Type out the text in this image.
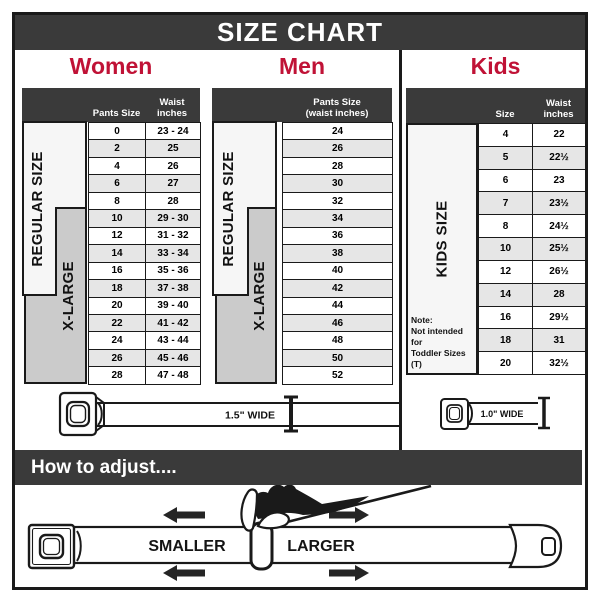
SIZE CHART
Women	Men	Kids
Pants Size
Waist
inches
REGULAR SIZE
X-LARGE
0	23 - 24
2	25
4	26
6	27
8	28
10	29 - 30
12	31 - 32
14	33 - 34
16	35 - 36
18	37 - 38
20	39 - 40
22	41 - 42
24	43 - 44
26	45 - 46
28	47 - 48
Pants Size
(waist inches)
REGULAR SIZE
X-LARGE
24
26
28
30
32
34
36
38
40
42
44
46
48
50
52
Size
Waist
inches
KIDS SIZE
Note:
Not intended for
Toddler Sizes (T)
4	22
5	22½
6	23
7	23½
8	24½
10	25½
12	26½
14	28
16	29½
18	31
20	32½
1.5" WIDE	1.0" WIDE
How to adjust....
SMALLER	LARGER
